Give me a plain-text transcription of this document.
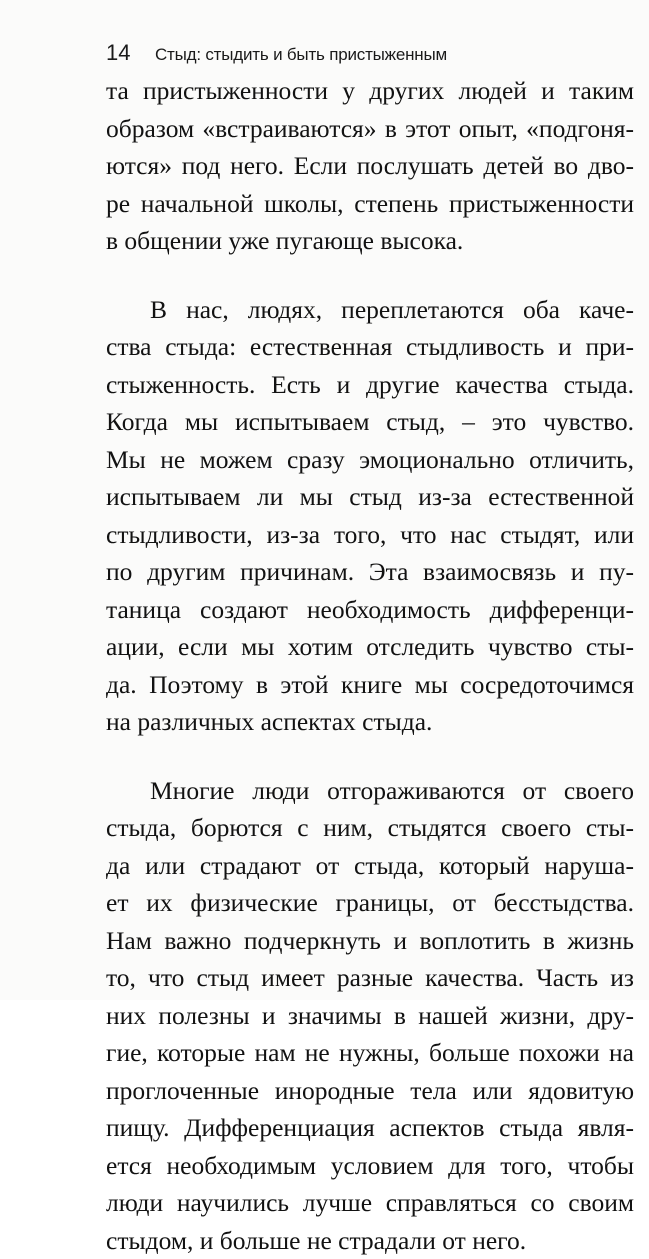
14 Стыд: стыдить и быть пристыженным
та пристыженности у других людей и таким
образом «встраиваются» в этот опыт, «подгоня-
ются» под него. Если послушать детей во дво-
ре начальной школы, степень пристыженности
в общении уже пугающе высока.
В нас, людях, переплетаются оба каче-
ства стыда: естественная стыдливость и при-
стыженность. Есть и другие качества стыда.
Когда мы испытываем стыд, – это чувство.
Мы не можем сразу эмоционально отличить,
испытываем ли мы стыд из-за естественной
стыдливости, из-за того, что нас стыдят, или
по другим причинам. Эта взаимосвязь и пу-
таница создают необходимость дифференци-
ации, если мы хотим отследить чувство сты-
да. Поэтому в этой книге мы сосредоточимся
на различных аспектах стыда.
Многие люди отгораживаются от своего
стыда, борются с ним, стыдятся своего сты-
да или страдают от стыда, который наруша-
ет их физические границы, от бесстыдства.
Нам важно подчеркнуть и воплотить в жизнь
то, что стыд имеет разные качества. Часть из
них полезны и значимы в нашей жизни, дру-
гие, которые нам не нужны, больше похожи на
проглоченные инородные тела или ядовитую
пищу. Дифференциация аспектов стыда явля-
ется необходимым условием для того, чтобы
люди научились лучше справляться со своим
стыдом, и больше не страдали от него.
